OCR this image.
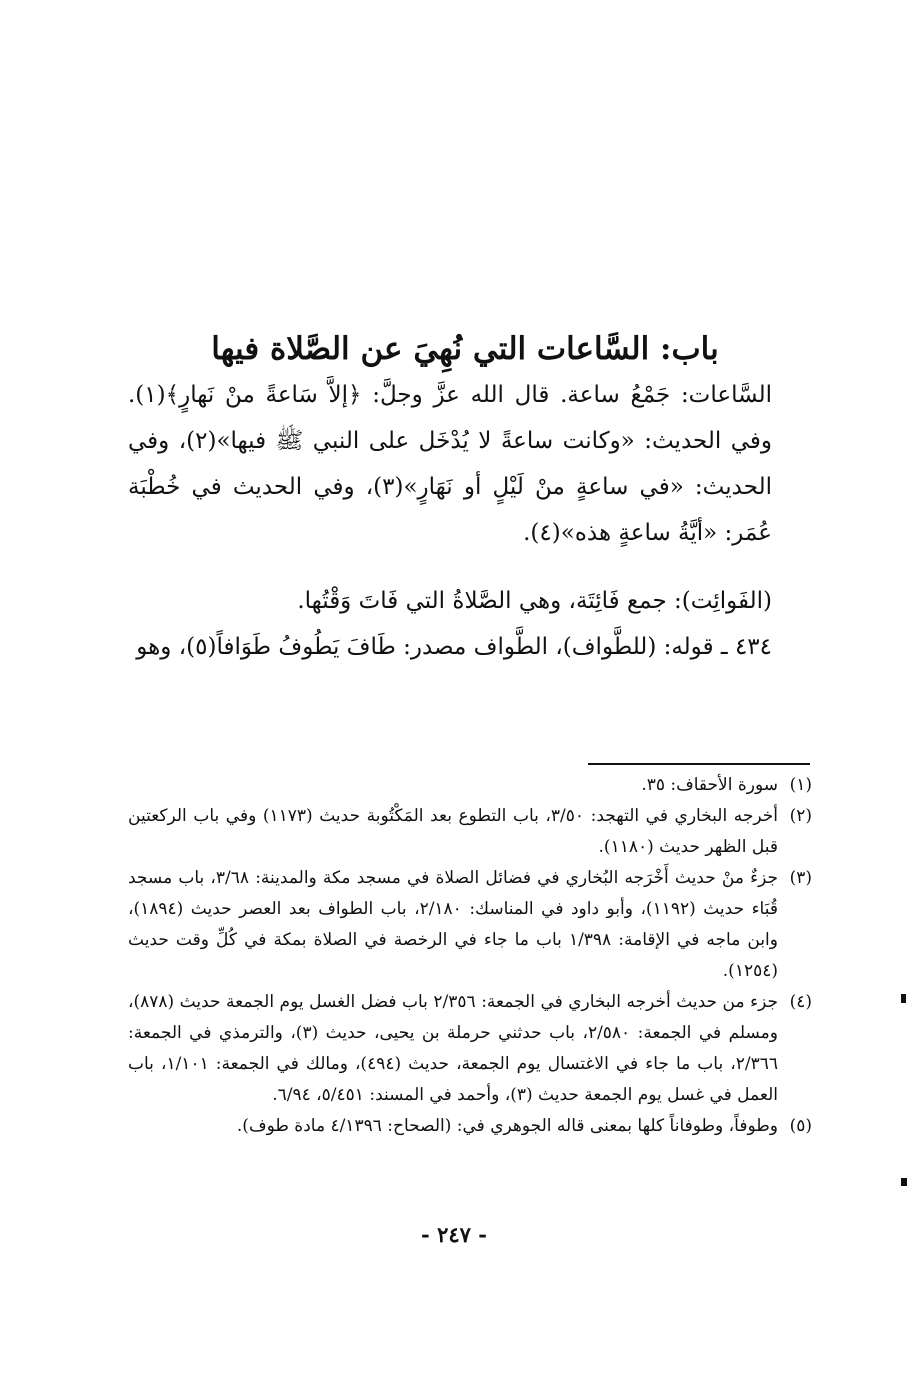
باب: السَّاعات التي نُهِيَ عن الصَّلاة فيها

السَّاعات: جَمْعُ ساعة. قال الله عزَّ وجلَّ: ﴿إلاَّ سَاعةً منْ نَهارٍ﴾(١). وفي الحديث: «وكانت ساعةً لا يُدْخَل على النبي ﷺ فيها»(٢)، وفي الحديث: «في ساعةٍ منْ لَيْلٍ أو نَهَارٍ»(٣)، وفي الحديث في خُطْبَة عُمَر: «أيَّةُ ساعةٍ هذه»(٤).

(الفَوائِت): جمع فَائِتَة، وهي الصَّلاةُ التي فَاتَ وَقْتُها.

٤٣٤ ـ قوله: (للطَّواف)، الطَّواف مصدر: طَافَ يَطُوفُ طَوَافاً(٥)، وهو

(١)
سورة الأحقاف: ٣٥.
(٢)
أخرجه البخاري في التهجد: ٣/٥٠، باب التطوع بعد المَكْتُوبة حديث (١١٧٣) وفي باب الركعتين قبل الظهر حديث (١١٨٠).
(٣)
جزءٌ منْ حديث أَخْرَجه البُخاري في فضائل الصلاة في مسجد مكة والمدينة: ٣/٦٨، باب مسجد قُبَاء حديث (١١٩٢)، وأبو داود في المناسك: ٢/١٨٠، باب الطواف بعد العصر حديث (١٨٩٤)، وابن ماجه في الإقامة: ١/٣٩٨ باب ما جاء في الرخصة في الصلاة بمكة في كُلِّ وقت حديث (١٢٥٤).
(٤)
جزء من حديث أخرجه البخاري في الجمعة: ٢/٣٥٦ باب فضل الغسل يوم الجمعة حديث (٨٧٨)، ومسلم في الجمعة: ٢/٥٨٠، باب حدثني حرملة بن يحيى، حديث (٣)، والترمذي في الجمعة: ٢/٣٦٦، باب ما جاء في الاغتسال يوم الجمعة، حديث (٤٩٤)، ومالك في الجمعة: ١/١٠١، باب العمل في غسل يوم الجمعة حديث (٣)، وأحمد في المسند: ٥/٤٥١، ٦/٩٤.
(٥)
وطوفاً، وطوفاناً كلها بمعنى قاله الجوهري في: (الصحاح: ٤/١٣٩٦ مادة طوف).
- ٢٤٧ -
